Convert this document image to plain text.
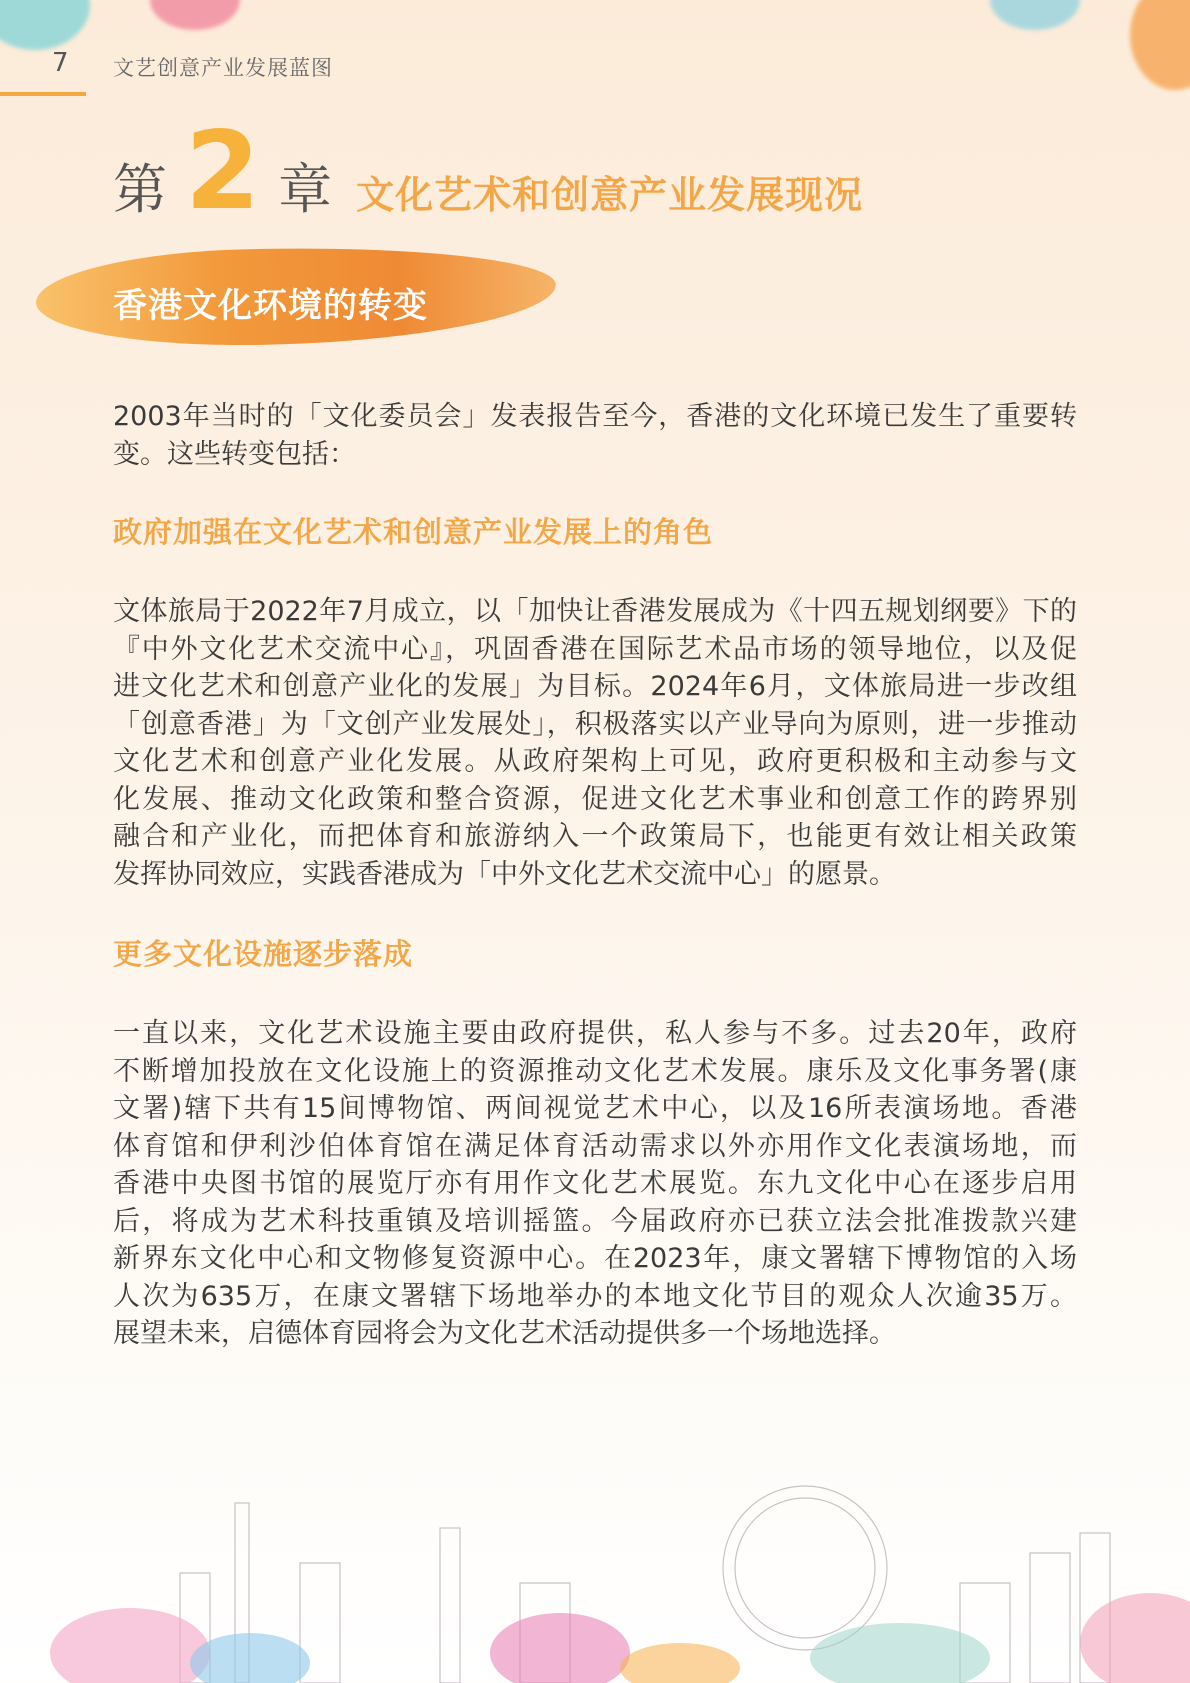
7 文艺创意产业发展蓝图
第 2 章 文化艺术和创意产业发展现况
香港文化环境的转变
2003年当时的「文化委员会」发表报告至今，香港的文化环境已发生了重要转
变。这些转变包括：
政府加强在文化艺术和创意产业发展上的角色
文体旅局于2022年7月成立，以「加快让香港发展成为《十四五规划纲要》下的
『中外文化艺术交流中心』，巩固香港在国际艺术品市场的领导地位，以及促
进文化艺术和创意产业化的发展」为目标。2024年6月，文体旅局进一步改组
「创意香港」为「文创产业发展处」，积极落实以产业导向为原则，进一步推动
文化艺术和创意产业化发展。从政府架构上可见，政府更积极和主动参与文
化发展、推动文化政策和整合资源，促进文化艺术事业和创意工作的跨界别
融合和产业化，而把体育和旅游纳入一个政策局下，也能更有效让相关政策
发挥协同效应，实践香港成为「中外文化艺术交流中心」的愿景。
更多文化设施逐步落成
一直以来，文化艺术设施主要由政府提供，私人参与不多。过去20年，政府
不断增加投放在文化设施上的资源推动文化艺术发展。康乐及文化事务署(康
文署)辖下共有15间博物馆、两间视觉艺术中心，以及16所表演场地。香港
体育馆和伊利沙伯体育馆在满足体育活动需求以外亦用作文化表演场地，而
香港中央图书馆的展览厅亦有用作文化艺术展览。东九文化中心在逐步启用
后，将成为艺术科技重镇及培训摇篮。今届政府亦已获立法会批准拨款兴建
新界东文化中心和文物修复资源中心。在2023年，康文署辖下博物馆的入场
人次为635万，在康文署辖下场地举办的本地文化节目的观众人次逾35万。
展望未来，启德体育园将会为文化艺术活动提供多一个场地选择。
